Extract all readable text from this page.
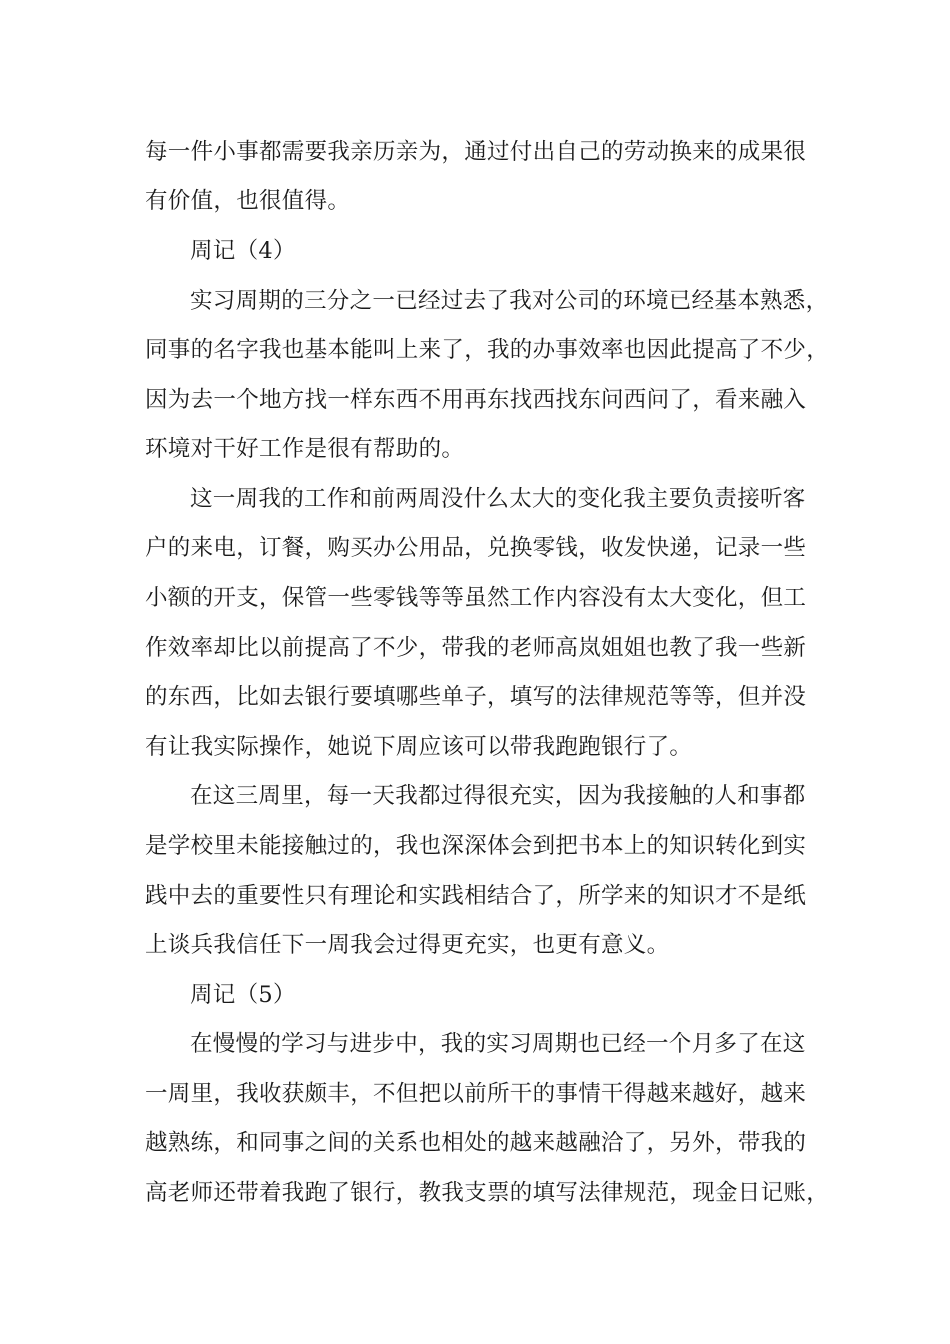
每一件小事都需要我亲历亲为，通过付出自己的劳动换来的成果很
有价值，也很值得。
周记（4）
实习周期的三分之一已经过去了我对公司的环境已经基本熟悉，
同事的名字我也基本能叫上来了，我的办事效率也因此提高了不少，
因为去一个地方找一样东西不用再东找西找东问西问了，看来融入
环境对干好工作是很有帮助的。
这一周我的工作和前两周没什么太大的变化我主要负责接听客
户的来电，订餐，购买办公用品，兑换零钱，收发快递，记录一些
小额的开支，保管一些零钱等等虽然工作内容没有太大变化，但工
作效率却比以前提高了不少，带我的老师高岚姐姐也教了我一些新
的东西，比如去银行要填哪些单子，填写的法律规范等等，但并没
有让我实际操作，她说下周应该可以带我跑跑银行了。
在这三周里，每一天我都过得很充实，因为我接触的人和事都
是学校里未能接触过的，我也深深体会到把书本上的知识转化到实
践中去的重要性只有理论和实践相结合了，所学来的知识才不是纸
上谈兵我信任下一周我会过得更充实，也更有意义。
周记（5）
在慢慢的学习与进步中，我的实习周期也已经一个月多了在这
一周里，我收获颇丰，不但把以前所干的事情干得越来越好，越来
越熟练，和同事之间的关系也相处的越来越融洽了，另外，带我的
高老师还带着我跑了银行，教我支票的填写法律规范，现金日记账，
